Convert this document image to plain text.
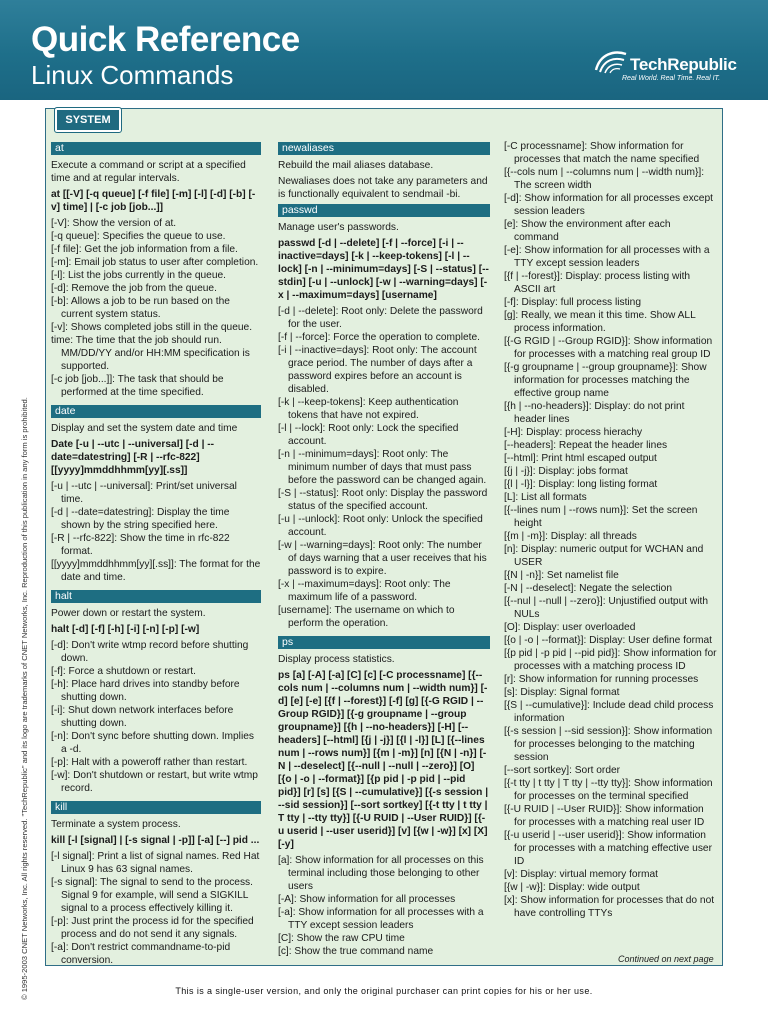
Quick Reference
Linux Commands	TechRepublic
Real World. Real Time. Real IT.
SYSTEM
© 1995-2003 CNET Networks, Inc. All rights reserved. "TechRepublic" and its logo are trademarks of CNET Networks, Inc. Reproduction of this publication in any form is prohibited.
at
Execute a command or script at a specified time and at regular intervals.
at [[-V] [-q queue] [-f file] [-m] [-l] [-d] [-b] [-v] time] | [-c job [job...]]
[-V]: Show the version of at.
[-q queue]: Specifies the queue to use.
[-f file]: Get the job information from a file.
[-m]: Email job status to user after completion.
[-l]: List the jobs currently in the queue.
[-d]: Remove the job from the queue.
[-b]: Allows a job to be run based on the current system status.
[-v]: Shows completed jobs still in the queue.
time: The time that the job should run. MM/DD/YY and/or HH:MM specification is supported.
[-c job [job...]]: The task that should be performed at the time specified.
date
Display and set the system date and time
Date [-u | --utc | --universal] [-d | --date=datestring] [-R | --rfc-822] [[yyyy]mmddhhmm[yy][.ss]]
[-u | --utc | --universal]: Print/set universal time.
[-d | --date=datestring]: Display the time shown by the string specified here.
[-R | --rfc-822]: Show the time in rfc-822 format.
[[yyyy]mmddhhmm[yy][.ss]]: The format for the date and time.
halt
Power down or restart the system.
halt [-d] [-f] [-h] [-i] [-n] [-p] [-w]
[-d]: Don't write wtmp record before shutting down.
[-f]: Force a shutdown or restart.
[-h]: Place hard drives into standby before shutting down.
[-i]: Shut down network interfaces before shutting down.
[-n]: Don't sync before shutting down. Implies a -d.
[-p]: Halt with a poweroff rather than restart.
[-w]: Don't shutdown or restart, but write wtmp record.
kill
Terminate a system process.
kill [-l [signal] | [-s signal | -p]] [-a] [--] pid ...
[-l signal]: Print a list of signal names. Red Hat Linux 9 has 63 signal names.
[-s signal]: The signal to send to the process. Signal 9 for example, will send a SIGKILL signal to a process effectively killing it.
[-p]: Just print the process id for the specified process and do not send it any signals.
[-a]: Don't restrict commandname-to-pid conversion.
newaliases
Rebuild the mail aliases database.
Newaliases does not take any parameters and is functionally equivalent to sendmail -bi.
passwd
Manage user's passwords.
passwd [-d | --delete] [-f | --force] [-i | --inactive=days] [-k | --keep-tokens] [-l | --lock] [-n | --minimum=days] [-S | --status] [--stdin] [-u | --unlock] [-w | --warning=days] [-x | --maximum=days] [username]
[-d | --delete]: Root only: Delete the password for the user.
[-f | --force]: Force the operation to complete.
[-i | --inactive=days]: Root only: The account grace period. The number of days after a password expires before an account is disabled.
[-k | --keep-tokens]: Keep authentication tokens that have not expired.
[-l | --lock]: Root only: Lock the specified account.
[-n | --minimum=days]: Root only: The minimum number of days that must pass before the password can be changed again.
[-S | --status]: Root only: Display the password status of the specified account.
[-u | --unlock]: Root only: Unlock the specified account.
[-w | --warning=days]: Root only: The number of days warning that a user receives that his password is to expire.
[-x | --maximum=days]: Root only: The maximum life of a password.
[username]: The username on which to perform the operation.
ps
Display process statistics.
ps [a] [-A] [-a] [C] [c] [-C processname] [{--cols num | --columns num | --width num}] [-d] [e] [-e] [{f | --forest}] [-f] [g] [{-G RGID | --Group RGID}] [{-g groupname | --group groupname}] [{h | --no-headers}] [-H] [--headers] [--html] [{j | -j}] [{l | -l}] [L] [{--lines num | --rows num}] [{m | -m}] [n] [{N | -n}] [-N | --deselect] [{--null | --null | --zero}] [O] [{o | -o | --format}] [{p pid | -p pid | --pid pid}] [r] [s] [{S | --cumulative}] [{-s session | --sid session}] [--sort sortkey] [{-t tty | t tty | T tty | --tty tty}] [{-U RUID | --User RUID}] [{-u userid | --user userid}] [v] [{w | -w}] [x] [X] [-y]
[a]: Show information for all processes on this terminal including those belonging to other users
[-A]: Show information for all processes
[-a]: Show information for all processes with a TTY except session leaders
[C]: Show the raw CPU time
[c]: Show the true command name
[-C processname]: Show information for processes that match the name specified
[{--cols num | --columns num | --width num}]: The screen width
[-d]: Show information for all processes except session leaders
[e]: Show the environment after each command
[-e]: Show information for all processes with a TTY except session leaders
[{f | --forest}]: Display: process listing with ASCII art
[-f]: Display: full process listing
[g]: Really, we mean it this time. Show ALL process information.
[{-G RGID | --Group RGID}]: Show information for processes with a matching real group ID
[{-g groupname | --group groupname}]: Show information for processes matching the effective group name
[{h | --no-headers}]: Display: do not print header lines
[-H]: Display: process hierachy
[--headers]: Repeat the header lines
[--html]: Print html escaped output
[{j | -j}]: Display: jobs format
[{l | -l}]: Display: long listing format
[L]: List all formats
[{--lines num | --rows num}]: Set the screen height
[{m | -m}]: Display: all threads
[n]: Display: numeric output for WCHAN and USER
[{N | -n}]: Set namelist file
[-N | --deselect]: Negate the selection
[{--nul | --null | --zero}]: Unjustified output with NULs
[O]: Display: user overloaded
[{o | -o | --format}]: Display: User define format
[{p pid | -p pid | --pid pid}]: Show information for processes with a matching process ID
[r]: Show information for running processes
[s]: Display: Signal format
[{S | --cumulative}]: Include dead child process information
[{-s session | --sid session}]: Show information for processes belonging to the matching session
[--sort sortkey]: Sort order
[{-t tty | t tty | T tty | --tty tty}]: Show information for processes on the terminal specified
[{-U RUID | --User RUID}]: Show information for processes with a matching real user ID
[{-u userid | --user userid}]: Show information for processes with a matching effective user ID
[v]: Display: virtual memory format
[{w | -w}]: Display: wide output
[x]: Show information for processes that do not have controlling TTYs
Continued on next page
This is a single-user version, and only the original purchaser can print copies for his or her use.
